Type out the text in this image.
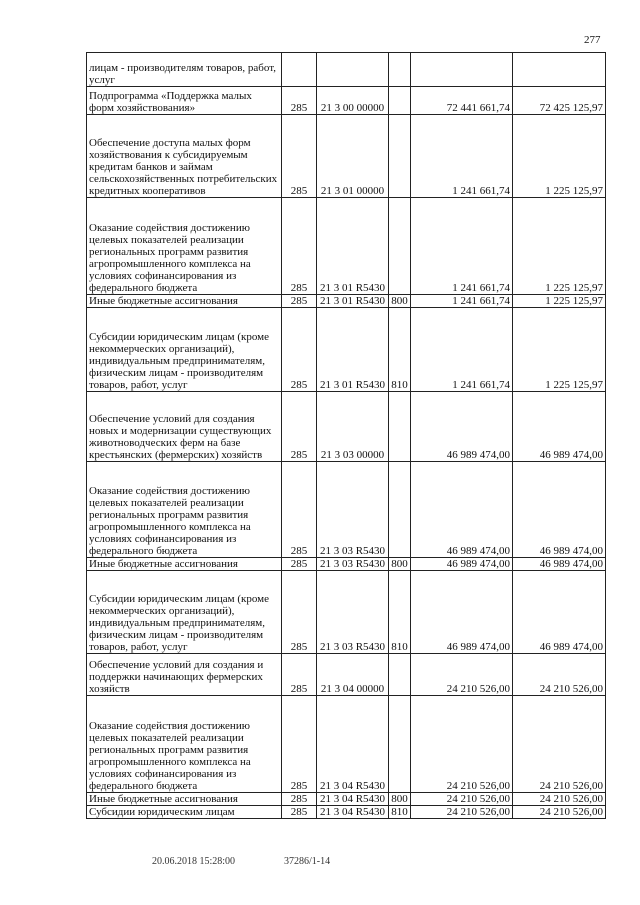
277
лицам - производителям товаров, работ, услуг					
Подпрограмма «Поддержка малых форм хозяйствования»	285	21 3 00 00000		72 441 661,74	72 425 125,97
Обеспечение доступа малых форм хозяйствования к субсидируемым кредитам банков и займам сельскохозяйственных потребительских кредитных кооперативов	285	21 3 01 00000		1 241 661,74	1 225 125,97
Оказание содействия достижению целевых показателей реализации региональных программ развития агропромышленного комплекса на условиях софинансирования из федерального бюджета	285	21 3 01 R5430		1 241 661,74	1 225 125,97
Иные бюджетные ассигнования	285	21 3 01 R5430	800	1 241 661,74	1 225 125,97
Субсидии юридическим лицам (кроме некоммерческих организаций), индивидуальным предпринимателям, физическим лицам - производителям товаров, работ, услуг	285	21 3 01 R5430	810	1 241 661,74	1 225 125,97
Обеспечение условий для создания новых и модернизации существующих животноводческих ферм на базе крестьянских (фермерских) хозяйств	285	21 3 03 00000		46 989 474,00	46 989 474,00
Оказание содействия достижению целевых показателей реализации региональных программ развития агропромышленного комплекса на условиях софинансирования из федерального бюджета	285	21 3 03 R5430		46 989 474,00	46 989 474,00
Иные бюджетные ассигнования	285	21 3 03 R5430	800	46 989 474,00	46 989 474,00
Субсидии юридическим лицам (кроме некоммерческих организаций), индивидуальным предпринимателям, физическим лицам - производителям товаров, работ, услуг	285	21 3 03 R5430	810	46 989 474,00	46 989 474,00
Обеспечение условий для создания и поддержки начинающих фермерских хозяйств	285	21 3 04 00000		24 210 526,00	24 210 526,00
Оказание содействия достижению целевых показателей реализации региональных программ развития агропромышленного комплекса на условиях софинансирования из федерального бюджета	285	21 3 04 R5430		24 210 526,00	24 210 526,00
Иные бюджетные ассигнования	285	21 3 04 R5430	800	24 210 526,00	24 210 526,00
Субсидии юридическим лицам	285	21 3 04 R5430	810	24 210 526,00	24 210 526,00
20.06.2018 15:28:00	37286/1-14
